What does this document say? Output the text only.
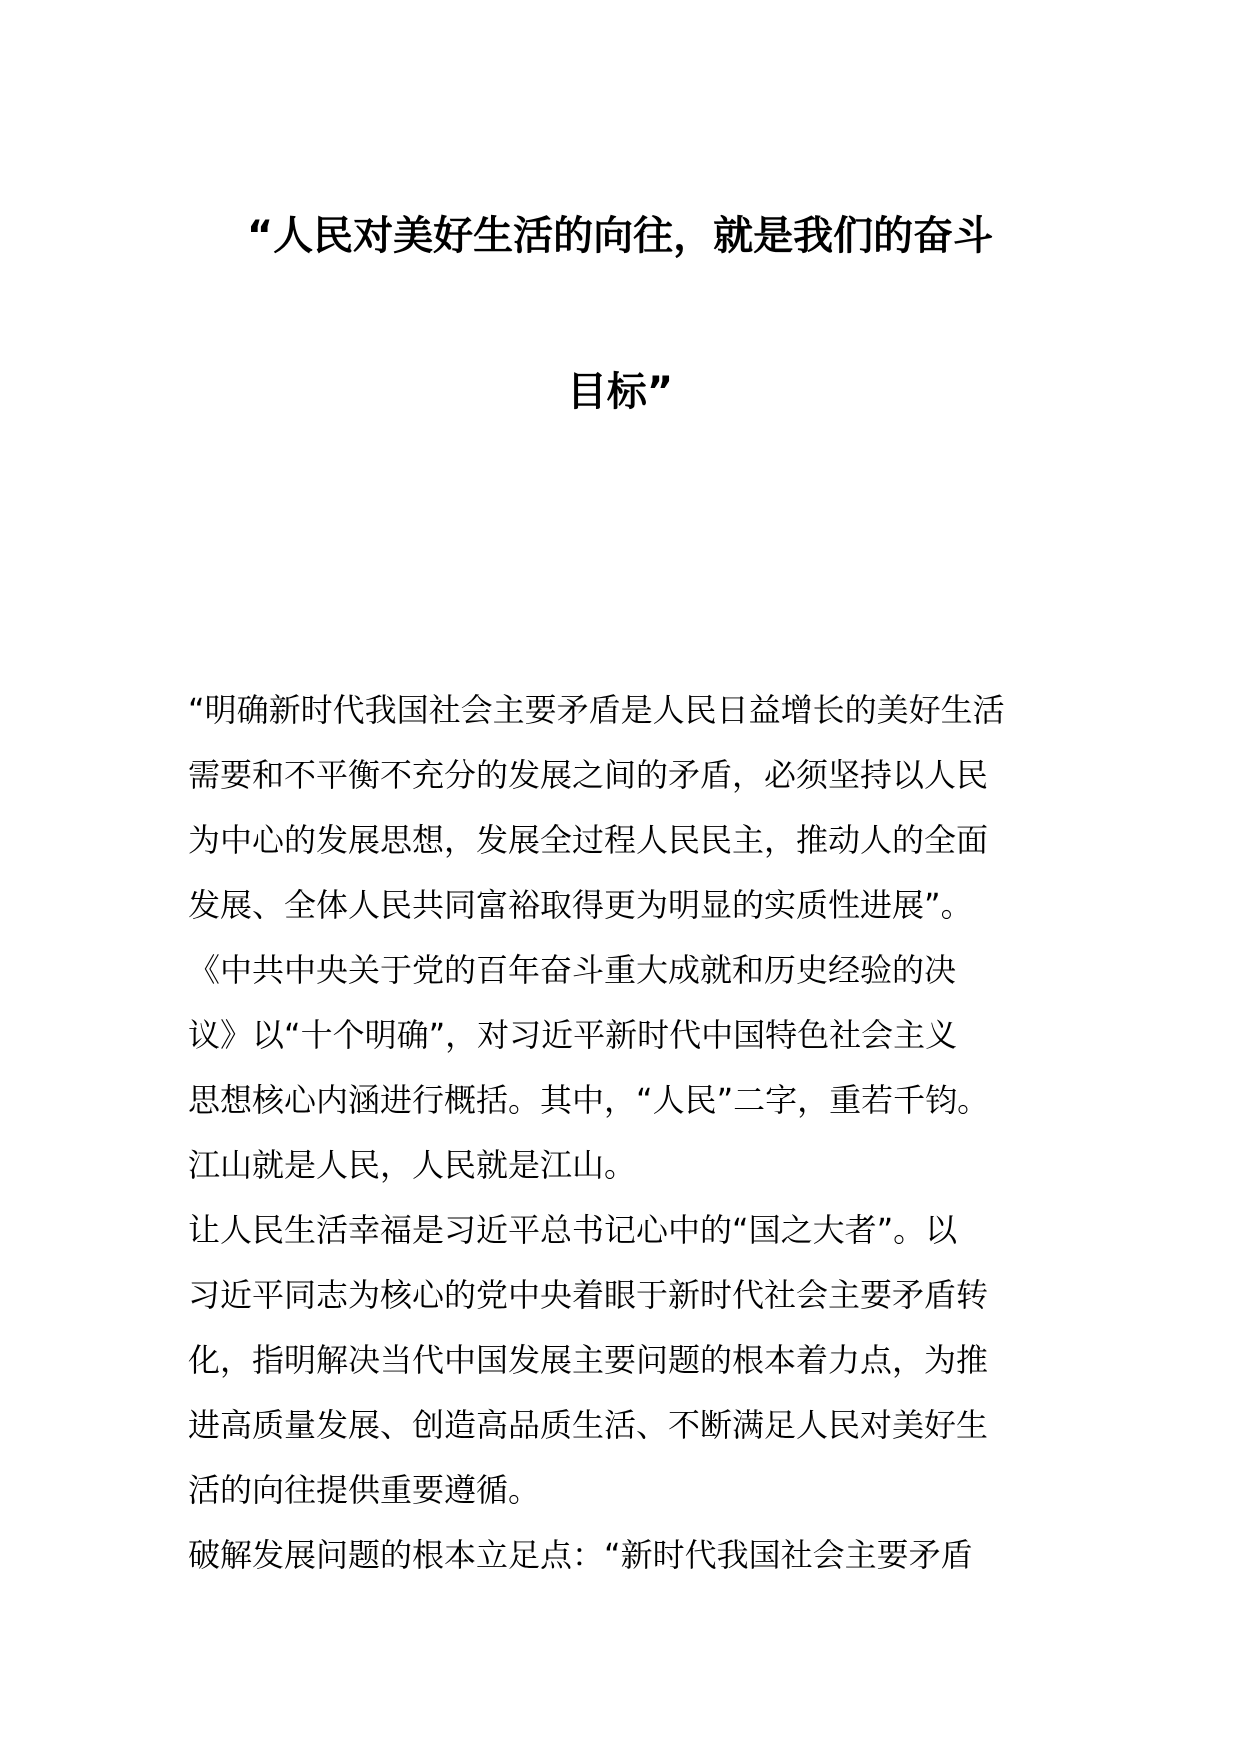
“人民对美好生活的向往，就是我们的奋斗
目标”
“明确新时代我国社会主要矛盾是人民日益增长的美好生活
需要和不平衡不充分的发展之间的矛盾，必须坚持以人民
为中心的发展思想，发展全过程人民民主，推动人的全面
发展、全体人民共同富裕取得更为明显的实质性进展”。
《中共中央关于党的百年奋斗重大成就和历史经验的决
议》以“十个明确”，对习近平新时代中国特色社会主义
思想核心内涵进行概括。其中，“人民”二字，重若千钧。
江山就是人民，人民就是江山。
让人民生活幸福是习近平总书记心中的“国之大者”。以
习近平同志为核心的党中央着眼于新时代社会主要矛盾转
化，指明解决当代中国发展主要问题的根本着力点，为推
进高质量发展、创造高品质生活、不断满足人民对美好生
活的向往提供重要遵循。
破解发展问题的根本立足点：“新时代我国社会主要矛盾
